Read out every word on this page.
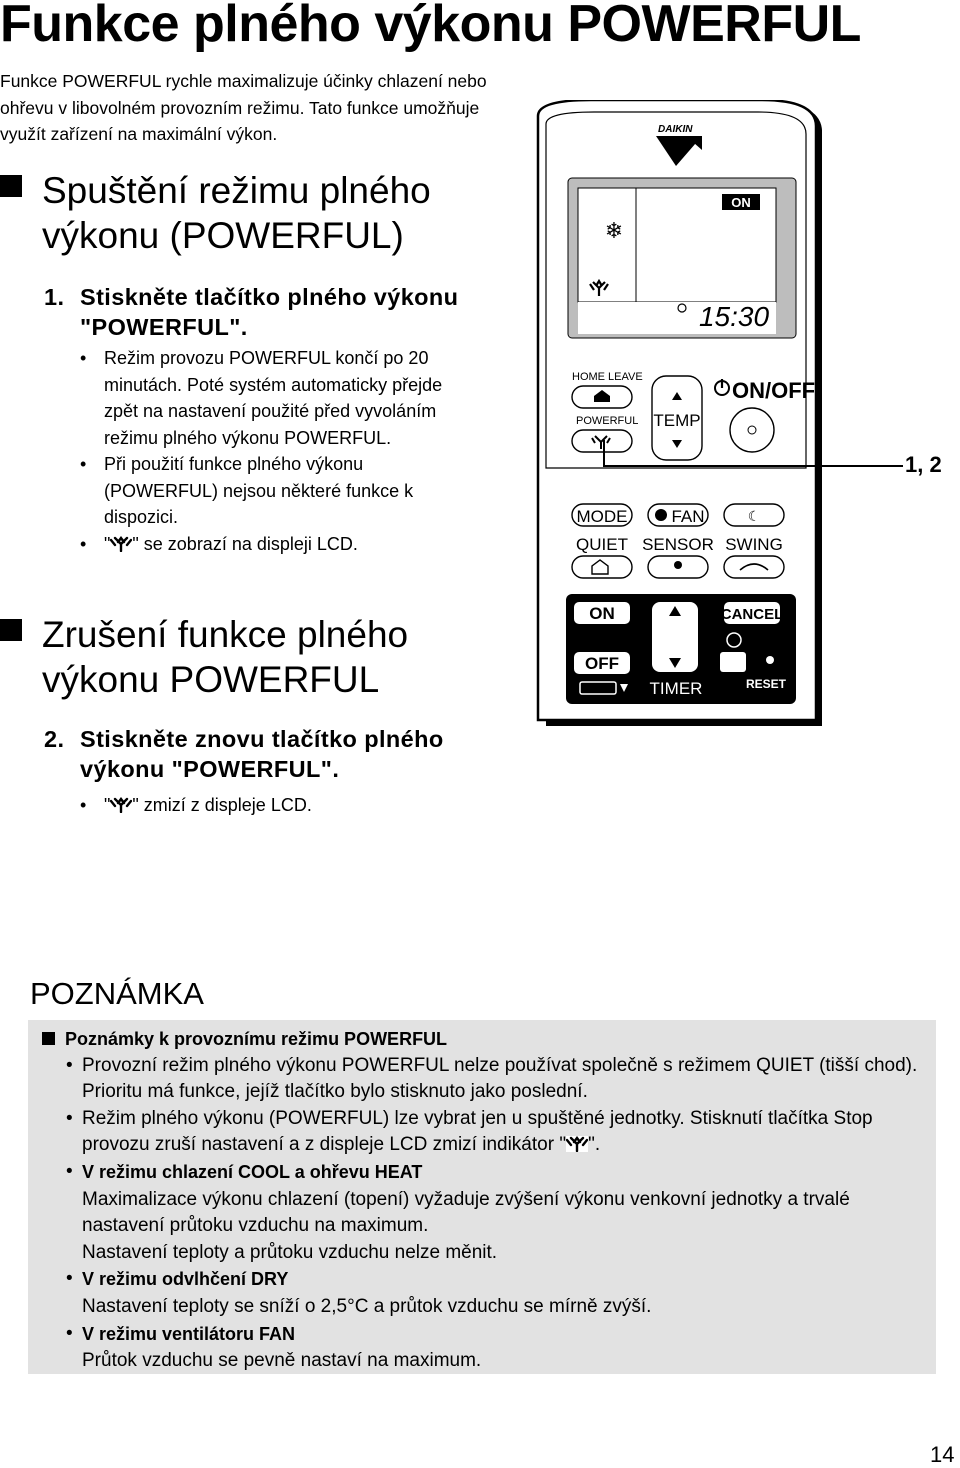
Funkce plného výkonu POWERFUL
Funkce POWERFUL rychle maximalizuje účinky chlazení nebo ohřevu v libovolném provozním režimu. Tato funkce umožňuje využít zařízení na maximální výkon.
Spuštění režimu plného
výkonu (POWERFUL)
1. Stiskněte tlačítko plného výkonu "POWERFUL".
• Režim provozu POWERFUL končí po 20 minutách. Poté systém automaticky přejde zpět na nastavení použité před vyvoláním režimu plného výkonu POWERFUL.
• Při použití funkce plného výkonu (POWERFUL) nejsou některé funkce k dispozici.
• " " se zobrazí na displeji LCD.
Zrušení funkce plného
výkonu POWERFUL
2. Stiskněte znovu tlačítko plného výkonu "POWERFUL".
• " " zmizí z displeje LCD.
DAIKIN
ON
❄
15:30
HOME LEAVE
POWERFUL TEMP
ON/OFF
MODE	FAN	☾
QUIET SENSOR SWING
ON
OFF
TIMER
CANCEL
RESET
1, 2
POZNÁMKA
Poznámky k provoznímu režimu POWERFUL
• Provozní režim plného výkonu POWERFUL nelze používat společně s režimem QUIET (tišší chod). Prioritu má funkce, jejíž tlačítko bylo stisknuto jako poslední.
• Režim plného výkonu (POWERFUL) lze vybrat jen u spuštěné jednotky. Stisknutí tlačítka Stop provozu zruší nastavení a z displeje LCD zmizí indikátor " ".
• V režimu chlazení COOL a ohřevu HEAT
Maximalizace výkonu chlazení (topení) vyžaduje zvýšení výkonu venkovní jednotky a trvalé nastavení průtoku vzduchu na maximum.
Nastavení teploty a průtoku vzduchu nelze měnit.
• V režimu odvlhčení DRY
Nastavení teploty se sníží o 2,5°C a průtok vzduchu se mírně zvýší.
• V režimu ventilátoru FAN
Průtok vzduchu se pevně nastaví na maximum.
14
